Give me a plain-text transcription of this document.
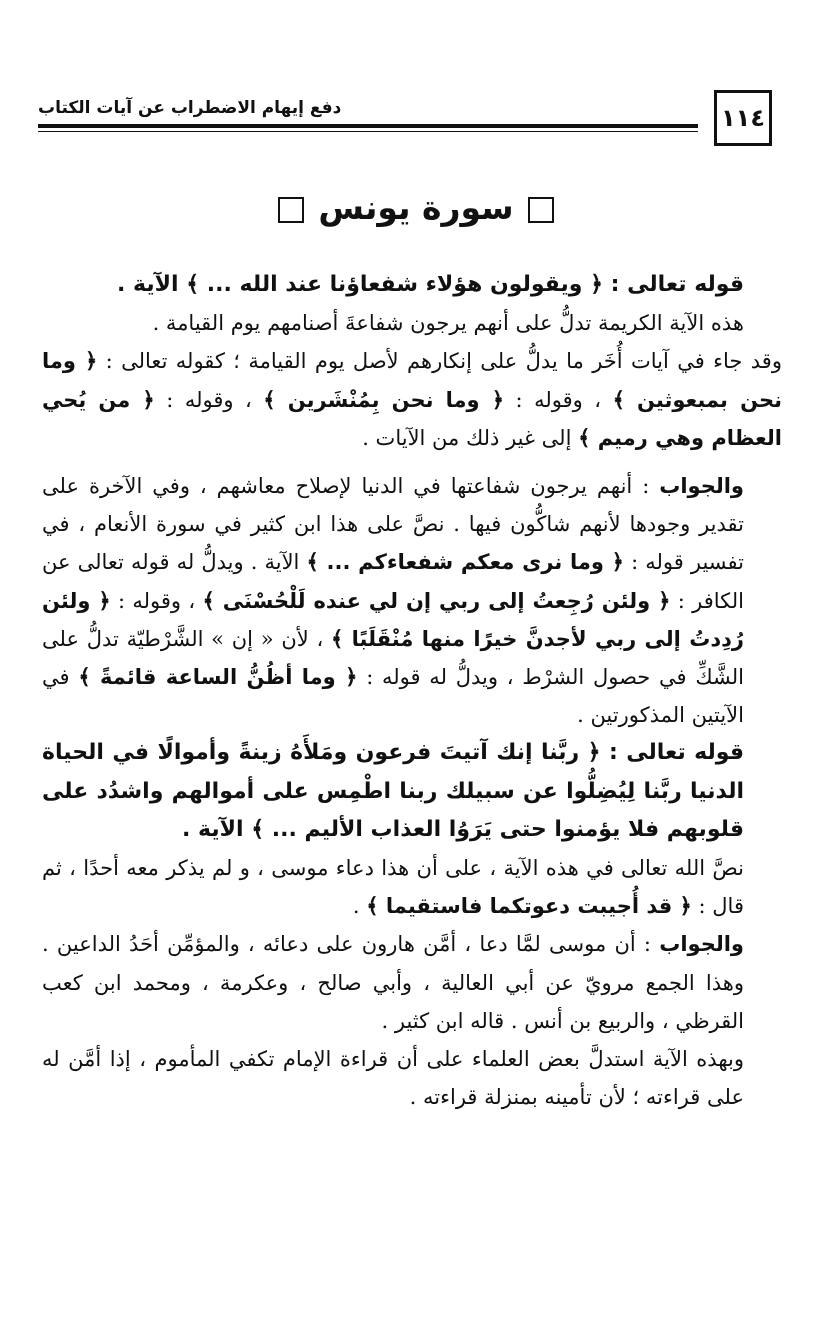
دفع إيهام الاضطراب عن آيات الكتاب	١١٤
سورة يونس

قوله تعالى : ﴿ ويقولون هؤلاء شفعاؤنا عند الله ... ﴾ الآية .

هذه الآية الكريمة تدلُّ على أنهم يرجون شفاعةَ أصنامهم يوم القيامة .

وقد جاء في آيات أُخَر ما يدلُّ على إنكارهم لأصل يوم القيامة ؛ كقوله تعالى : ﴿ وما نحن بمبعوثين ﴾ ، وقوله : ﴿ وما نحن بِمُنْشَرين ﴾ ، وقوله : ﴿ من يُحي العظام وهي رميم ﴾ إلى غير ذلك من الآيات .

والجواب : أنهم يرجون شفاعتها في الدنيا لإصلاح معاشهم ، وفي الآخرة على تقدير وجودها لأنهم شاكُّون فيها . نصَّ على هذا ابن كثير في سورة الأنعام ، في تفسير قوله : ﴿ وما نرى معكم شفعاءكم ... ﴾ الآية . ويدلُّ له قوله تعالى عن الكافر : ﴿ ولئن رُجِعتُ إلى ربي إن لي عنده لَلْحُسْنَى ﴾ ، وقوله : ﴿ ولئن رُدِدتُ إلى ربي لأجدنَّ خيرًا منها مُنْقَلَبًا ﴾ ، لأن « إن » الشَّرْطيّة تدلُّ على الشَّكِّ في حصول الشرْط ، ويدلُّ له قوله : ﴿ وما أظُنُّ الساعة قائمةً ﴾ في الآيتين المذكورتين .

قوله تعالى : ﴿ ربَّنا إنك آتيتَ فرعون ومَلأَهُ زينةً وأموالًا في الحياة الدنيا ربَّنا لِيُضِلُّوا عن سبيلك ربنا اطْمِس على أموالهم واشدُد على قلوبهم فلا يؤمنوا حتى يَرَوُا العذاب الأليم ... ﴾ الآية .

نصَّ الله تعالى في هذه الآية ، على أن هذا دعاء موسى ، و لم يذكر معه أحدًا ، ثم قال : ﴿ قد أُجيبت دعوتكما فاستقيما ﴾ .

والجواب : أن موسى لمَّا دعا ، أمَّن هارون على دعائه ، والمؤمِّن أحَدُ الداعين . وهذا الجمع مرويّ عن أبي العالية ، وأبي صالح ، وعكرمة ، ومحمد ابن كعب القرظي ، والربيع بن أنس . قاله ابن كثير .

وبهذه الآية استدلَّ بعض العلماء على أن قراءة الإمام تكفي المأموم ، إذا أمَّن له على قراءته ؛ لأن تأمينه بمنزلة قراءته .
